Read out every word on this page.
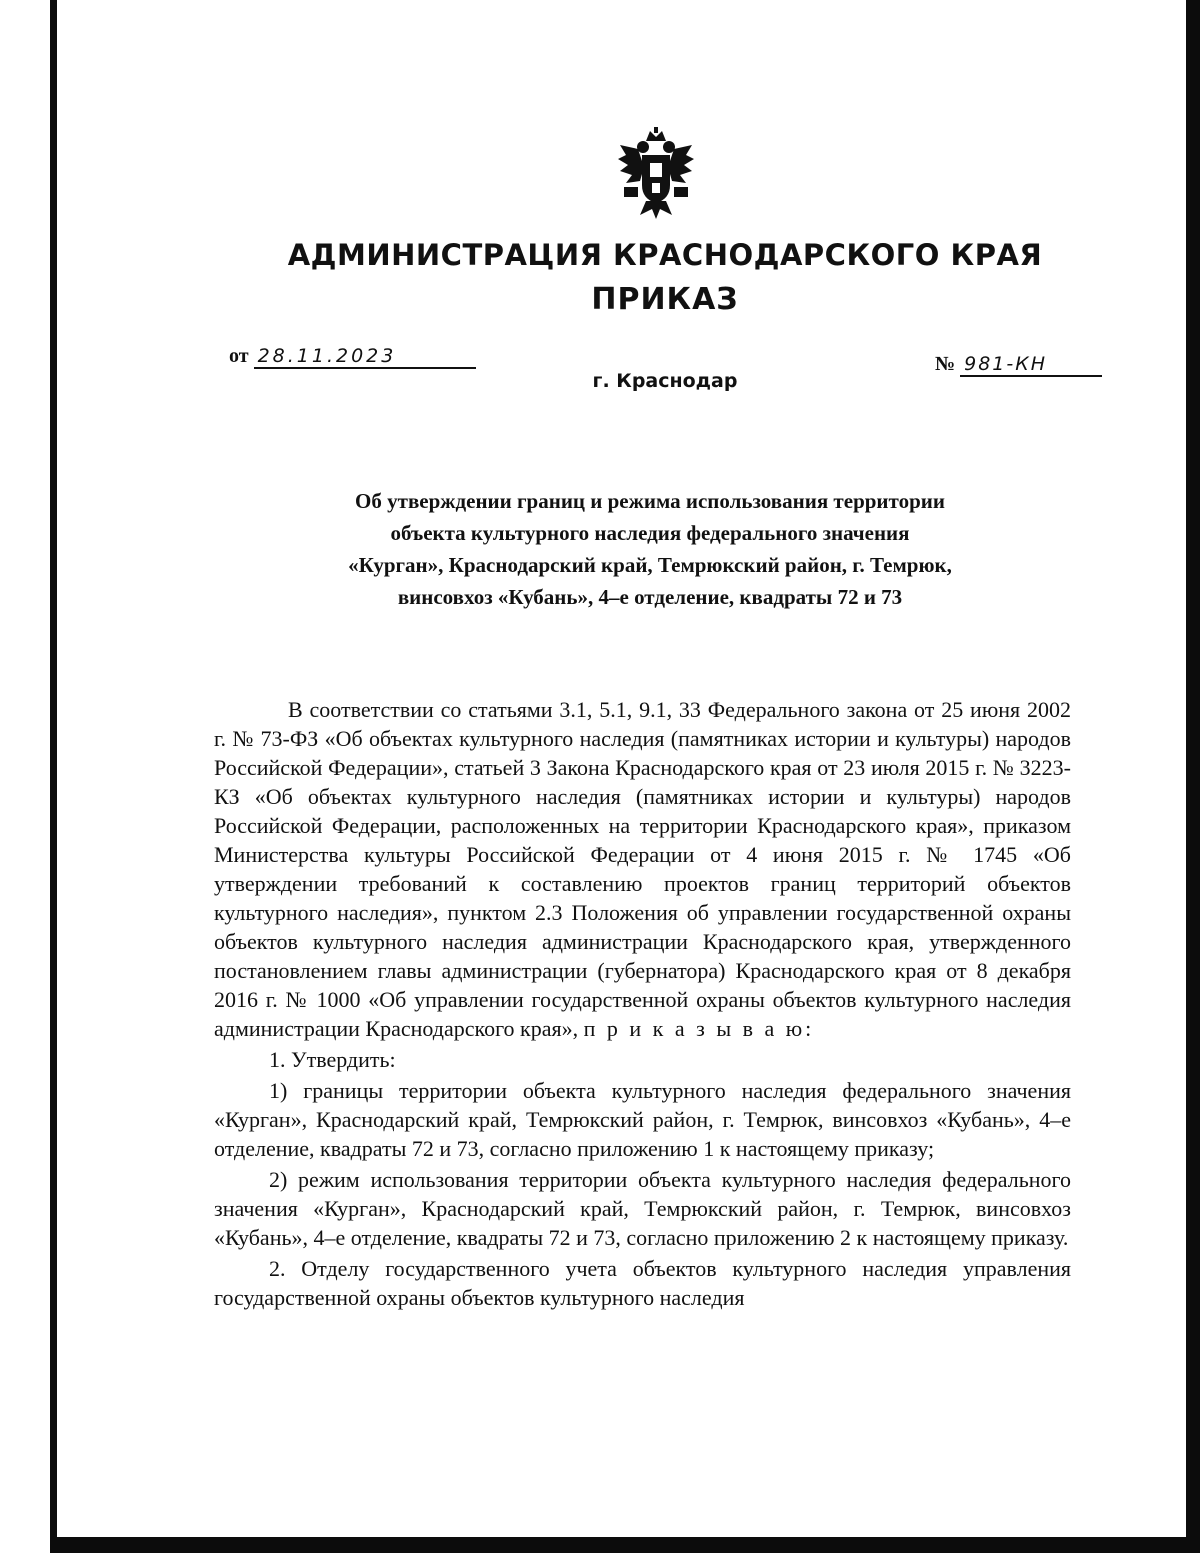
АДМИНИСТРАЦИЯ КРАСНОДАРСКОГО КРАЯ
ПРИКАЗ
от 28.11.2023	№ 981-КН
г. Краснодар
Об утверждении границ и режима использования территории
объекта культурного наследия федерального значения
«Курган», Краснодарский край, Темрюкский район, г. Темрюк,
винсовхоз «Кубань», 4–е отделение, квадраты 72 и 73

В соответствии со статьями 3.1, 5.1, 9.1, 33 Федерального закона от 25 июня 2002 г. № 73-ФЗ «Об объектах культурного наследия (памятниках истории и культуры) народов Российской Федерации», статьей 3 Закона Краснодарского края от 23 июля 2015 г. № 3223-КЗ «Об объектах культурного наследия (памятниках истории и культуры) народов Российской Федерации, расположенных на территории Краснодарского края», приказом Министерства культуры Российской Федерации от 4 июня 2015 г. № 1745 «Об утверждении требований к составлению проектов границ территорий объектов культурного наследия», пунктом 2.3 Положения об управлении государственной охраны объектов культурного наследия администрации Краснодарского края, утвержденного постановлением главы администрации (губернатора) Краснодарского края от 8 декабря 2016 г. № 1000 «Об управлении государственной охраны объектов культурного наследия администрации Краснодарского края», п р и к а з ы в а ю:

1. Утвердить:

1) границы территории объекта культурного наследия федерального значения «Курган», Краснодарский край, Темрюкский район, г. Темрюк, винсовхоз «Кубань», 4–е отделение, квадраты 72 и 73, согласно приложению 1 к настоящему приказу;

2) режим использования территории объекта культурного наследия федерального значения «Курган», Краснодарский край, Темрюкский район, г. Темрюк, винсовхоз «Кубань», 4–е отделение, квадраты 72 и 73, согласно приложению 2 к настоящему приказу.

2. Отделу государственного учета объектов культурного наследия управления государственной охраны объектов культурного наследия
